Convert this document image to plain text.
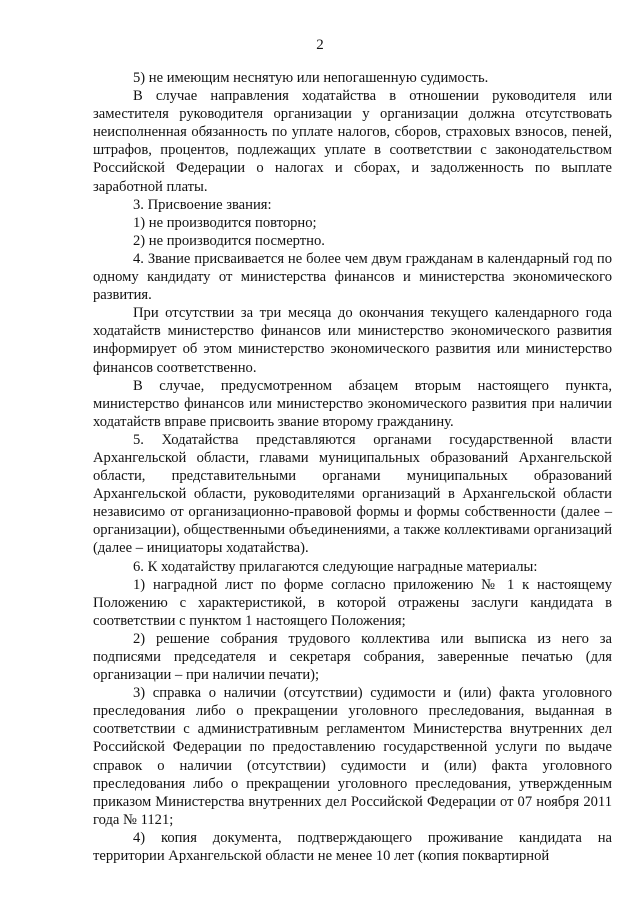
2

5) не имеющим неснятую или непогашенную судимость.

В случае направления ходатайства в отношении руководителя или заместителя руководителя организации у организации должна отсутствовать неисполненная обязанность по уплате налогов, сборов, страховых взносов, пеней, штрафов, процентов, подлежащих уплате в соответствии с законодательством Российской Федерации о налогах и сборах, и задолженность по выплате заработной платы.

3. Присвоение звания:

1) не производится повторно;

2) не производится посмертно.

4. Звание присваивается не более чем двум гражданам в календарный год по одному кандидату от министерства финансов и министерства экономического развития.

При отсутствии за три месяца до окончания текущего календарного года ходатайств министерство финансов или министерство экономического развития информирует об этом министерство экономического развития или министерство финансов соответственно.

В случае, предусмотренном абзацем вторым настоящего пункта, министерство финансов или министерство экономического развития при наличии ходатайств вправе присвоить звание второму гражданину.

5. Ходатайства представляются органами государственной власти Архангельской области, главами муниципальных образований Архангельской области, представительными органами муниципальных образований Архангельской области, руководителями организаций в Архангельской области независимо от организационно-правовой формы и формы собственности (далее – организации), общественными объединениями, а также коллективами организаций (далее – инициаторы ходатайства).

6. К ходатайству прилагаются следующие наградные материалы:

1) наградной лист по форме согласно приложению № 1 к настоящему Положению с характеристикой, в которой отражены заслуги кандидата в соответствии с пунктом 1 настоящего Положения;

2) решение собрания трудового коллектива или выписка из него за подписями председателя и секретаря собрания, заверенные печатью (для организации – при наличии печати);

3) справка о наличии (отсутствии) судимости и (или) факта уголовного преследования либо о прекращении уголовного преследования, выданная в соответствии с административным регламентом Министерства внутренних дел Российской Федерации по предоставлению государственной услуги по выдаче справок о наличии (отсутствии) судимости и (или) факта уголовного преследования либо о прекращении уголовного преследования, утвержденным приказом Министерства внутренних дел Российской Федерации от 07 ноября 2011 года № 1121;

4) копия документа, подтверждающего проживание кандидата на территории Архангельской области не менее 10 лет (копия поквартирной
